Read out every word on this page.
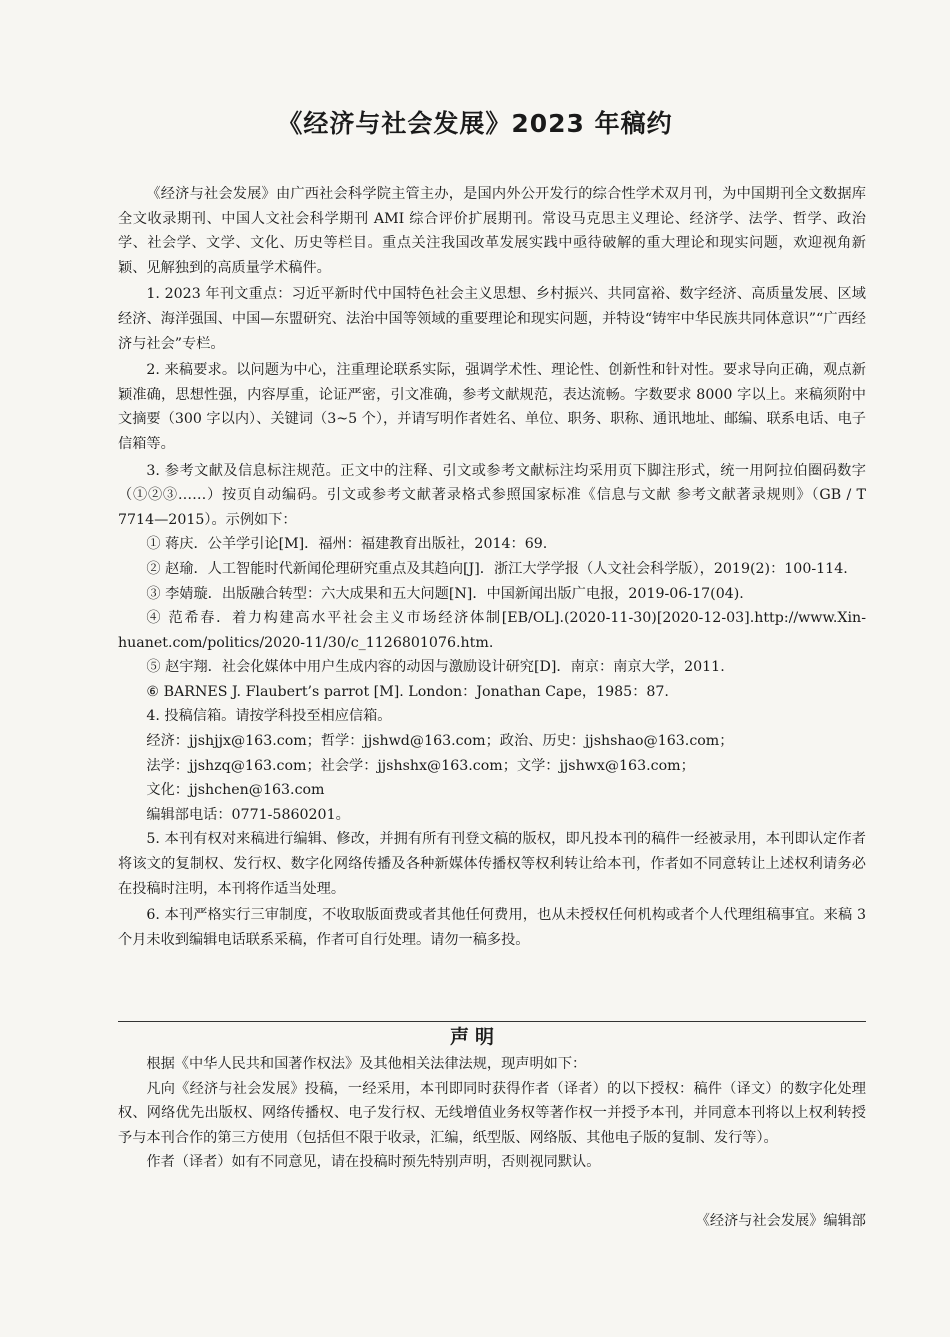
《经济与社会发展》2023 年稿约

《经济与社会发展》由广西社会科学院主管主办，是国内外公开发行的综合性学术双月刊，为中国期刊全文数据库全文收录期刊、中国人文社会科学期刊 AMI 综合评价扩展期刊。常设马克思主义理论、经济学、法学、哲学、政治学、社会学、文学、文化、历史等栏目。重点关注我国改革发展实践中亟待破解的重大理论和现实问题，欢迎视角新颖、见解独到的高质量学术稿件。

1. 2023 年刊文重点：习近平新时代中国特色社会主义思想、乡村振兴、共同富裕、数字经济、高质量发展、区域经济、海洋强国、中国—东盟研究、法治中国等领域的重要理论和现实问题，并特设“铸牢中华民族共同体意识”“广西经济与社会”专栏。

2. 来稿要求。以问题为中心，注重理论联系实际，强调学术性、理论性、创新性和针对性。要求导向正确，观点新颖准确，思想性强，内容厚重，论证严密，引文准确，参考文献规范，表达流畅。字数要求 8000 字以上。来稿须附中文摘要（300 字以内）、关键词（3~5 个），并请写明作者姓名、单位、职务、职称、通讯地址、邮编、联系电话、电子信箱等。

3. 参考文献及信息标注规范。正文中的注释、引文或参考文献标注均采用页下脚注形式，统一用阿拉伯圈码数字（①②③……）按页自动编码。引文或参考文献著录格式参照国家标准《信息与文献 参考文献著录规则》（GB / T 7714—2015）。示例如下：

① 蒋庆．公羊学引论[M]．福州：福建教育出版社，2014：69.

② 赵瑜．人工智能时代新闻伦理研究重点及其趋向[J]．浙江大学学报（人文社会科学版），2019(2)：100-114.

③ 李婧璇．出版融合转型：六大成果和五大问题[N]．中国新闻出版广电报，2019-06-17(04).

④ 范希春．着力构建高水平社会主义市场经济体制[EB/OL].(2020-11-30)[2020-12-03].http://www.Xin-huanet.com/politics/2020-11/30/c_1126801076.htm.

⑤ 赵宇翔．社会化媒体中用户生成内容的动因与激励设计研究[D]．南京：南京大学，2011.

⑥ BARNES J. Flaubert’s parrot [M]. London：Jonathan Cape，1985：87.

4. 投稿信箱。请按学科投至相应信箱。

经济：jjshjjx@163.com；哲学：jjshwd@163.com；政治、历史：jjshshao@163.com；
法学：jjshzq@163.com；社会学：jjshshx@163.com；文学：jjshwx@163.com；
文化：jjshchen@163.com
编辑部电话：0771-5860201。

5. 本刊有权对来稿进行编辑、修改，并拥有所有刊登文稿的版权，即凡投本刊的稿件一经被录用，本刊即认定作者将该文的复制权、发行权、数字化网络传播及各种新媒体传播权等权利转让给本刊，作者如不同意转让上述权利请务必在投稿时注明，本刊将作适当处理。

6. 本刊严格实行三审制度，不收取版面费或者其他任何费用，也从未授权任何机构或者个人代理组稿事宜。来稿 3 个月未收到编辑电话联系采稿，作者可自行处理。请勿一稿多投。

声明

根据《中华人民共和国著作权法》及其他相关法律法规，现声明如下：

凡向《经济与社会发展》投稿，一经采用，本刊即同时获得作者（译者）的以下授权：稿件（译文）的数字化处理权、网络优先出版权、网络传播权、电子发行权、无线增值业务权等著作权一并授予本刊，并同意本刊将以上权利转授予与本刊合作的第三方使用（包括但不限于收录，汇编，纸型版、网络版、其他电子版的复制、发行等）。

作者（译者）如有不同意见，请在投稿时预先特别声明，否则视同默认。

《经济与社会发展》编辑部
